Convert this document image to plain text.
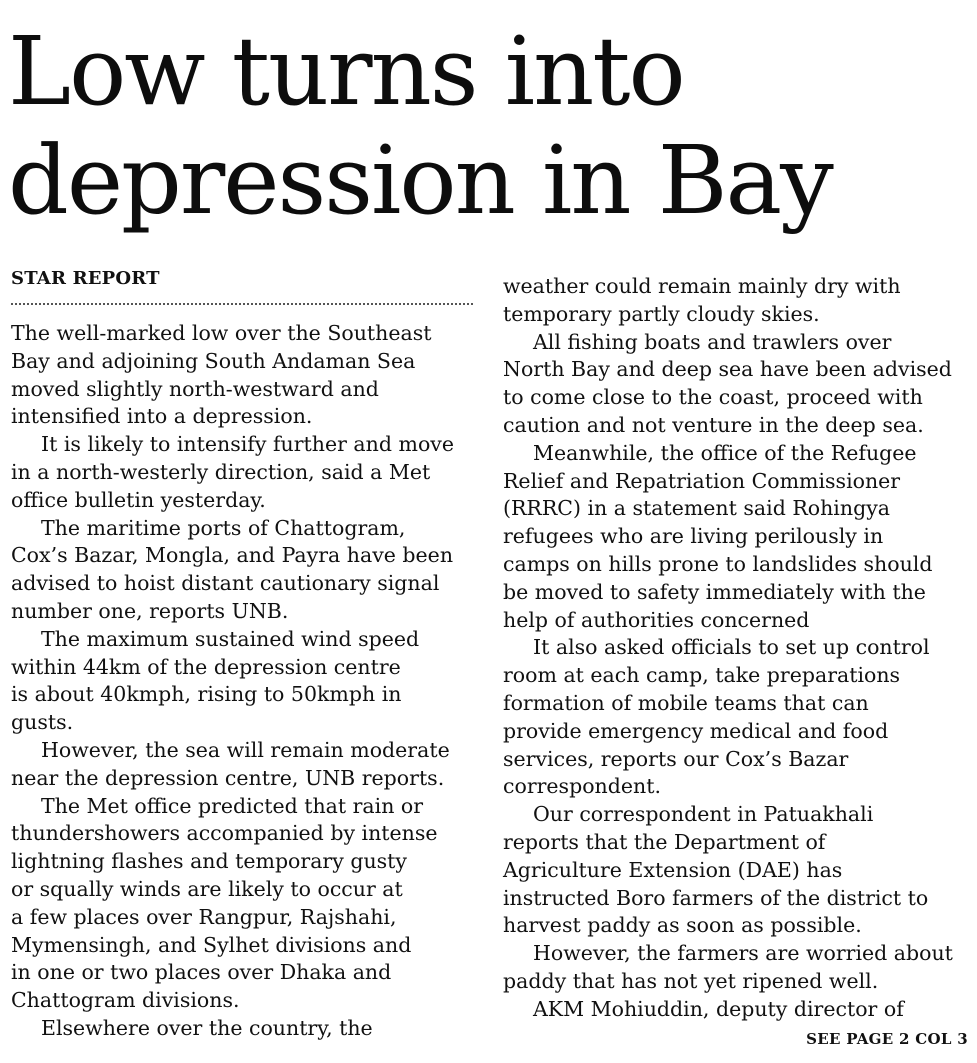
Low turns into
depression in Bay
STAR REPORT
The well-marked low over the Southeast
Bay and adjoining South Andaman Sea
moved slightly north-westward and
intensified into a depression.
It is likely to intensify further and move
in a north-westerly direction, said a Met
office bulletin yesterday.
The maritime ports of Chattogram,
Cox’s Bazar, Mongla, and Payra have been
advised to hoist distant cautionary signal
number one, reports UNB.
The maximum sustained wind speed
within 44km of the depression centre
is about 40kmph, rising to 50kmph in
gusts.
However, the sea will remain moderate
near the depression centre, UNB reports.
The Met office predicted that rain or
thundershowers accompanied by intense
lightning flashes and temporary gusty
or squally winds are likely to occur at
a few places over Rangpur, Rajshahi,
Mymensingh, and Sylhet divisions and
in one or two places over Dhaka and
Chattogram divisions.
Elsewhere over the country, the
weather could remain mainly dry with
temporary partly cloudy skies.
All fishing boats and trawlers over
North Bay and deep sea have been advised
to come close to the coast, proceed with
caution and not venture in the deep sea.
Meanwhile, the office of the Refugee
Relief and Repatriation Commissioner
(RRRC) in a statement said Rohingya
refugees who are living perilously in
camps on hills prone to landslides should
be moved to safety immediately with the
help of authorities concerned
It also asked officials to set up control
room at each camp, take preparations
formation of mobile teams that can
provide emergency medical and food
services, reports our Cox’s Bazar
correspondent.
Our correspondent in Patuakhali
reports that the Department of
Agriculture Extension (DAE) has
instructed Boro farmers of the district to
harvest paddy as soon as possible.
However, the farmers are worried about
paddy that has not yet ripened well.
AKM Mohiuddin, deputy director of
SEE PAGE 2 COL 3
